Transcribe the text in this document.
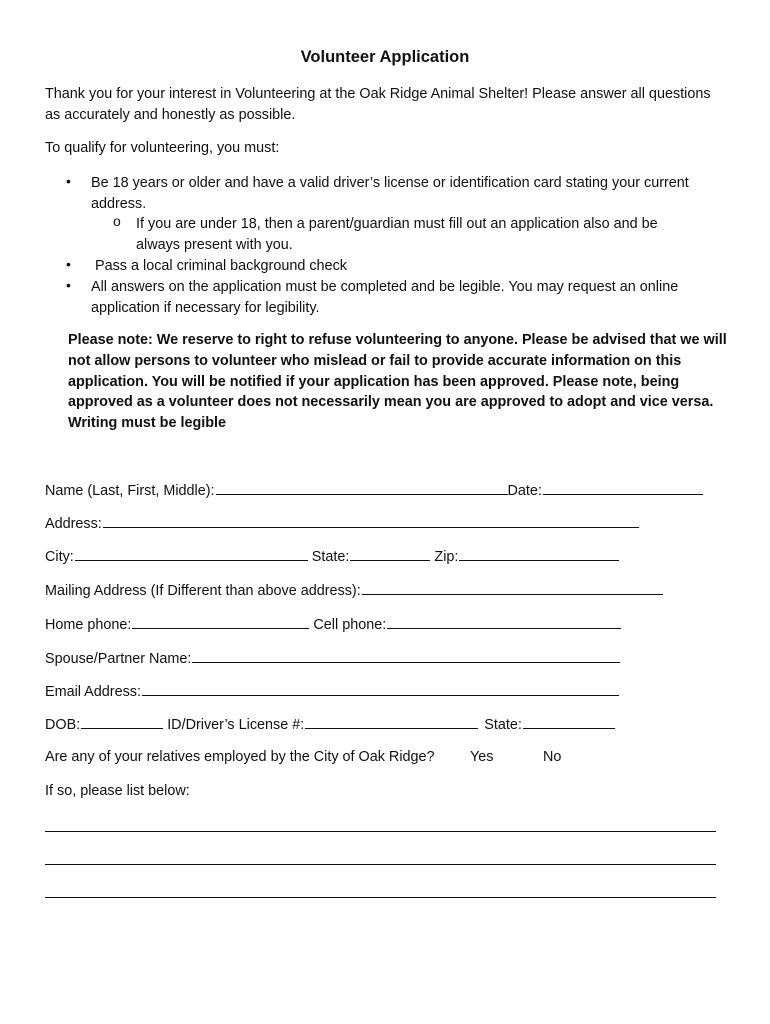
Volunteer Application
Thank you for your interest in Volunteering at the Oak Ridge Animal Shelter! Please answer all questions as accurately and honestly as possible.
To qualify for volunteering, you must:
• Be 18 years or older and have a valid driver’s license or identification card stating your current address.
o If you are under 18, then a parent/guardian must fill out an application also and be always present with you.
• Pass a local criminal background check
• All answers on the application must be completed and be legible. You may request an online application if necessary for legibility.
Please note: We reserve to right to refuse volunteering to anyone. Please be advised that we will not allow persons to volunteer who mislead or fail to provide accurate information on this application. You will be notified if your application has been approved. Please note, being approved as a volunteer does not necessarily mean you are approved to adopt and vice versa. Writing must be legible
Name (Last, First, Middle):	Date:
Address:
City:	State:	Zip:
Mailing Address (If Different than above address):
Home phone:	Cell phone:
Spouse/Partner Name:
Email Address:
DOB:	ID/Driver’s License #:	State:
Are any of your relatives employed by the City of Oak Ridge? Yes	No
If so, please list below:
